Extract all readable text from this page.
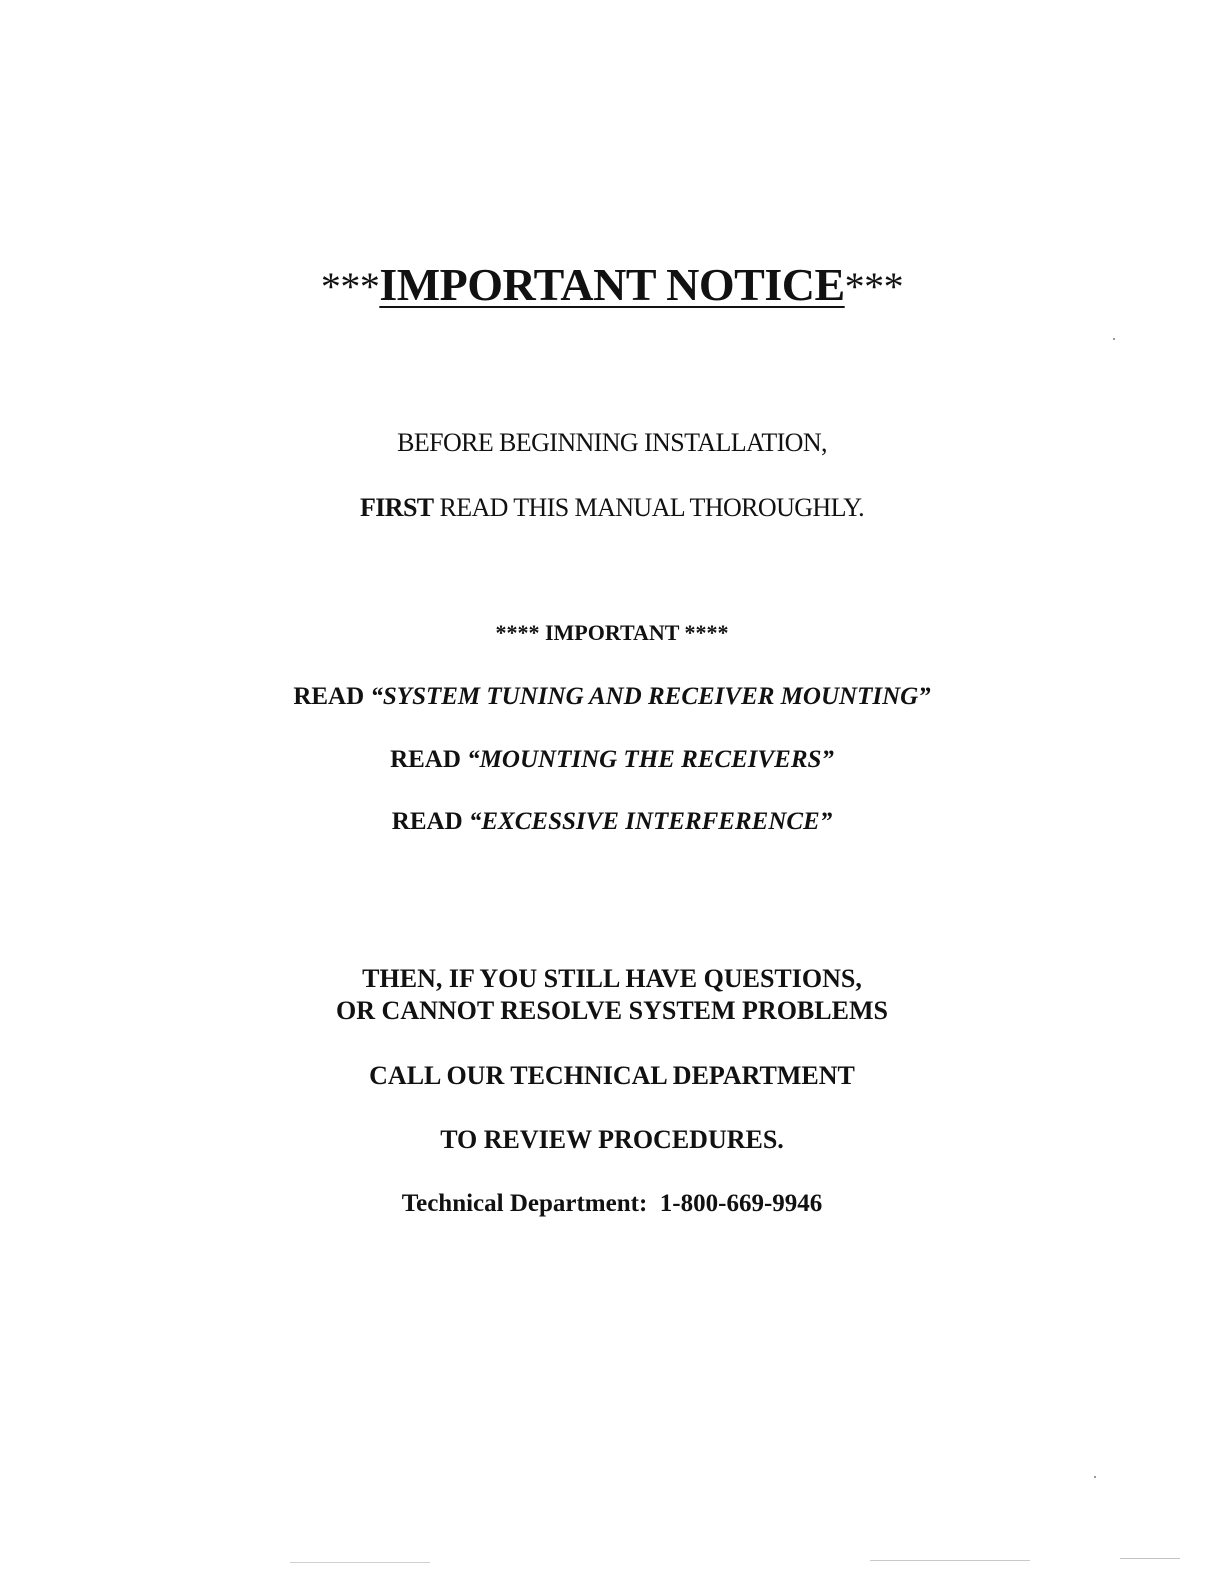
***IMPORTANT NOTICE***
BEFORE BEGINNING INSTALLATION,
FIRST READ THIS MANUAL THOROUGHLY.
**** IMPORTANT ****
READ “SYSTEM TUNING AND RECEIVER MOUNTING”
READ “MOUNTING THE RECEIVERS”
READ “EXCESSIVE INTERFERENCE”
THEN, IF YOU STILL HAVE QUESTIONS,
OR CANNOT RESOLVE SYSTEM PROBLEMS
CALL OUR TECHNICAL DEPARTMENT
TO REVIEW PROCEDURES.
Technical Department: 1-800-669-9946
